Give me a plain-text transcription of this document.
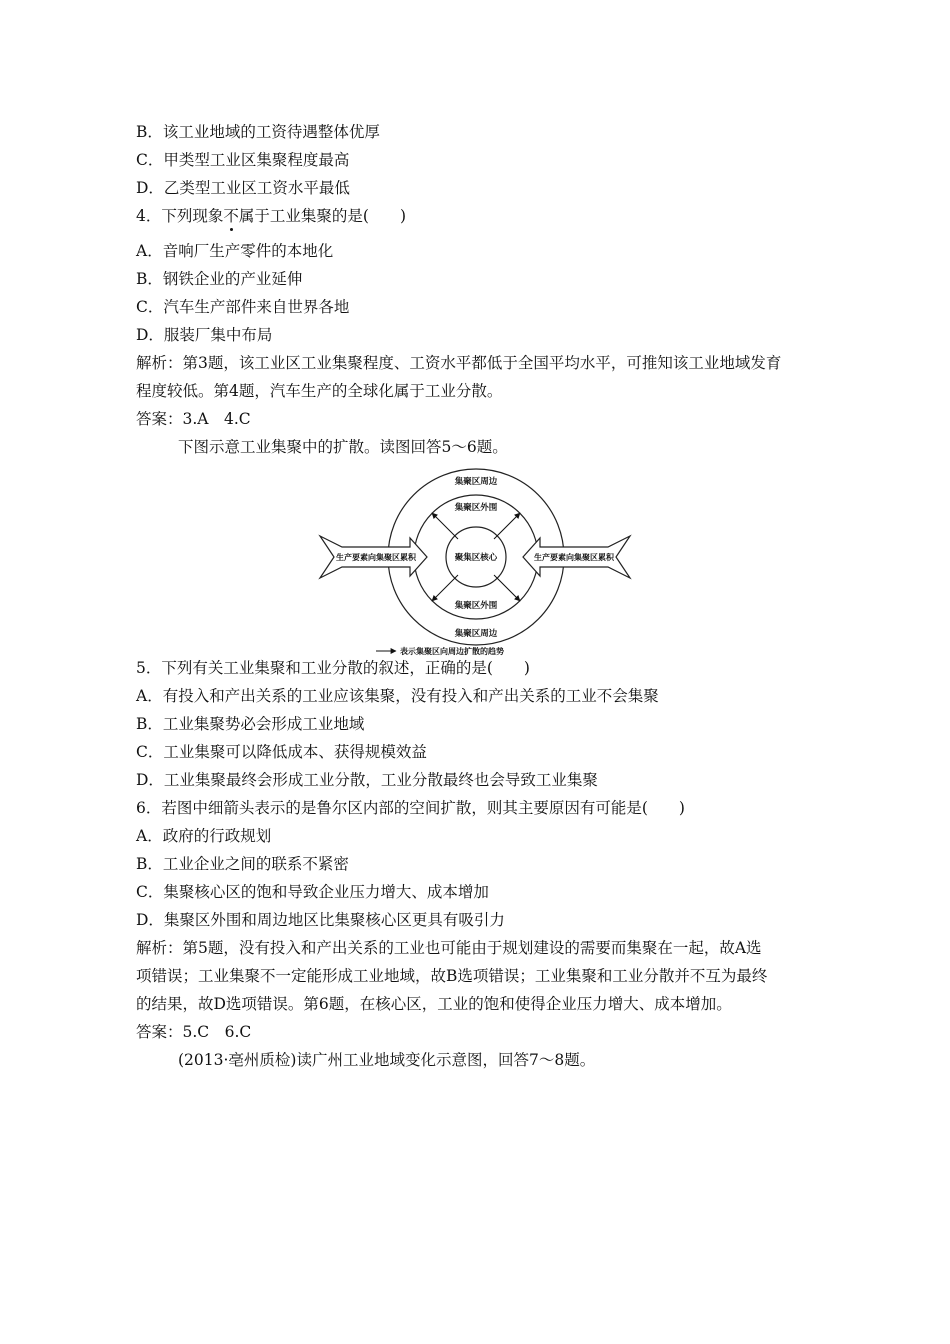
B．该工业地域的工资待遇整体优厚
C．甲类型工业区集聚程度最高
D．乙类型工业区工资水平最低
4．下列现象不属于工业集聚的是(　　)
A．音响厂生产零件的本地化
B．钢铁企业的产业延伸
C．汽车生产部件来自世界各地
D．服装厂集中布局
解析：第3题，该工业区工业集聚程度、工资水平都低于全国平均水平，可推知该工业地域发育
程度较低。第4题，汽车生产的全球化属于工业分散。
答案：3.A　4.C
下图示意工业集聚中的扩散。读图回答5～6题。
集聚区周边
集聚区外围
聚集区核心
生产要素向集聚区累积	生产要素向集聚区累积
集聚区外围
集聚区周边
表示集聚区向周边扩散的趋势
5．下列有关工业集聚和工业分散的叙述，正确的是(　　)
A．有投入和产出关系的工业应该集聚，没有投入和产出关系的工业不会集聚
B．工业集聚势必会形成工业地域
C．工业集聚可以降低成本、获得规模效益
D．工业集聚最终会形成工业分散，工业分散最终也会导致工业集聚
6．若图中细箭头表示的是鲁尔区内部的空间扩散，则其主要原因有可能是(　　)
A．政府的行政规划
B．工业企业之间的联系不紧密
C．集聚核心区的饱和导致企业压力增大、成本增加
D．集聚区外围和周边地区比集聚核心区更具有吸引力
解析：第5题，没有投入和产出关系的工业也可能由于规划建设的需要而集聚在一起，故A选
项错误；工业集聚不一定能形成工业地域，故B选项错误；工业集聚和工业分散并不互为最终
的结果，故D选项错误。第6题，在核心区，工业的饱和使得企业压力增大、成本增加。
答案：5.C　6.C
(2013·亳州质检)读广州工业地域变化示意图，回答7～8题。
